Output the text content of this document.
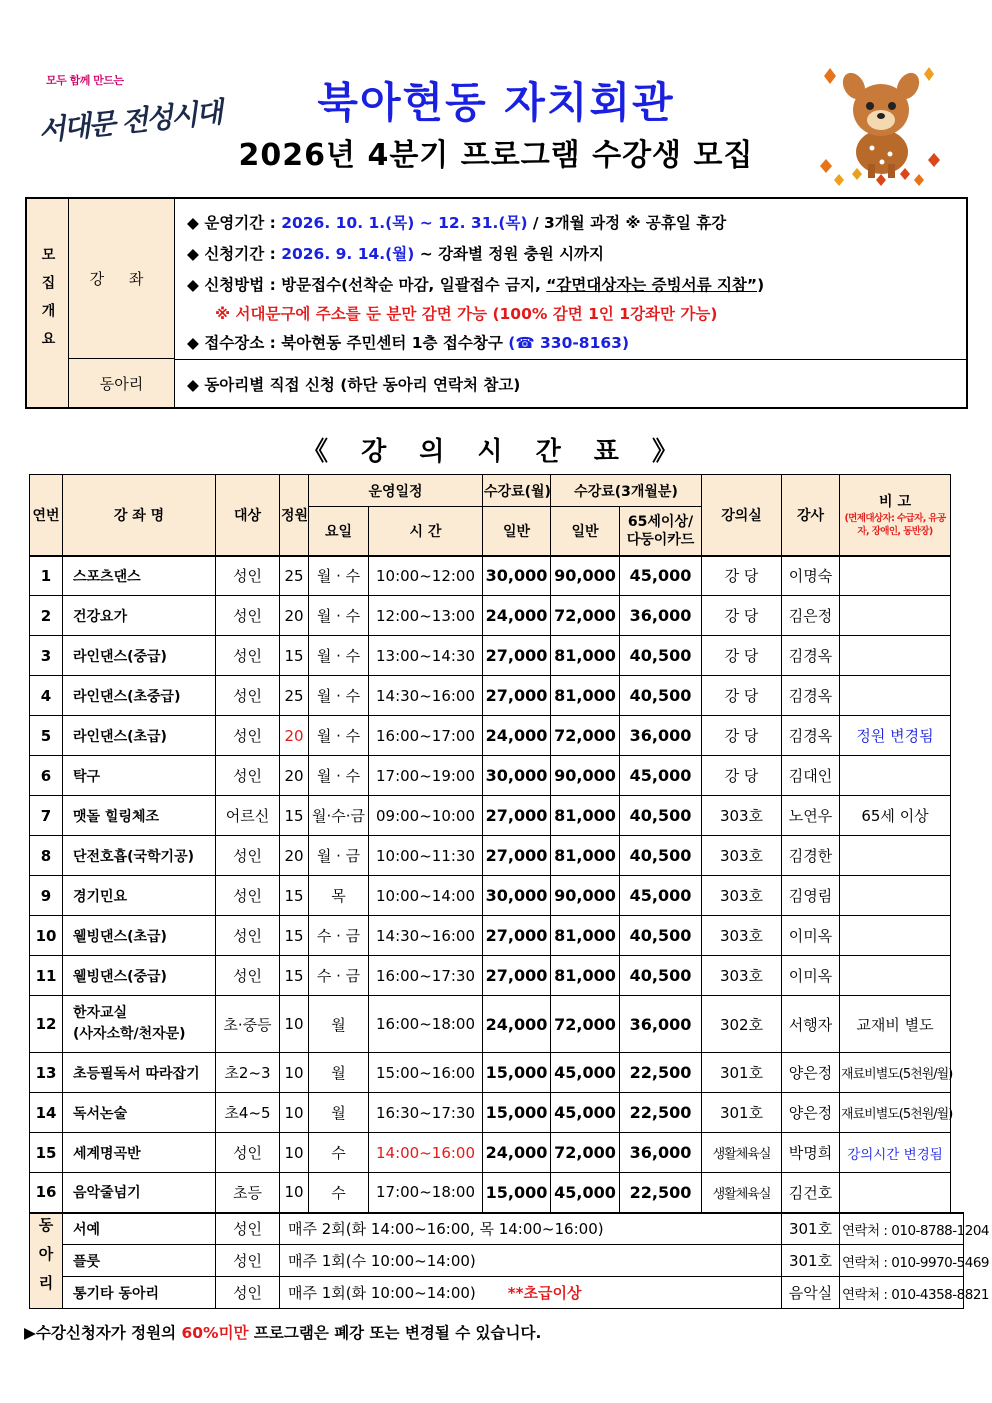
모두 함께 만드는
서대문 전성시대	북아현동 자치회관
2026년 4분기 프로그램 수강생 모집
모집개요	강 좌
동아리
◆ 운영기간 : 2026. 10. 1.(목) ~ 12. 31.(목) / 3개월 과정 ※ 공휴일 휴강
◆ 신청기간 : 2026. 9. 14.(월) ~ 강좌별 정원 충원 시까지
◆ 신청방법 : 방문접수(선착순 마감, 일괄접수 금지, “감면대상자는 증빙서류 지참”)
※ 서대문구에 주소를 둔 분만 감면 가능 (100% 감면 1인 1강좌만 가능)
◆ 접수장소 : 북아현동 주민센터 1층 접수창구 (☎ 330-8163)
◆ 동아리별 직접 신청 (하단 동아리 연락처 참고)
《 강 의 시 간 표 》
연번	강 좌 명	대상	정원	운영일정		수강료(월)	수강료(3개월분)		강의실	강사	비 고
(면제대상자: 수급자, 유공자, 장애인, 동반장)

				요일	시 간	일반	일반	65세이상/ 다둥이카드			
1	스포츠댄스	성인	25	월 · 수	10:00~12:00	30,000	90,000	45,000	강 당	이명숙	
2	건강요가	성인	20	월 · 수	12:00~13:00	24,000	72,000	36,000	강 당	김은정	
3	라인댄스(중급)	성인	15	월 · 수	13:00~14:30	27,000	81,000	40,500	강 당	김경옥	
4	라인댄스(초중급)	성인	25	월 · 수	14:30~16:00	27,000	81,000	40,500	강 당	김경옥	
5	라인댄스(초급)	성인	20	월 · 수	16:00~17:00	24,000	72,000	36,000	강 당	김경옥	정원 변경됨
6	탁구	성인	20	월 · 수	17:00~19:00	30,000	90,000	45,000	강 당	김대인	
7	맷돌 힐링체조	어르신	15	월·수·금	09:00~10:00	27,000	81,000	40,500	303호	노연우	65세 이상
8	단전호흡(국학기공)	성인	20	월 · 금	10:00~11:30	27,000	81,000	40,500	303호	김경한	
9	경기민요	성인	15	목	10:00~14:00	30,000	90,000	45,000	303호	김영림	
10	웰빙댄스(초급)	성인	15	수 · 금	14:30~16:00	27,000	81,000	40,500	303호	이미옥	
11	웰빙댄스(중급)	성인	15	수 · 금	16:00~17:30	27,000	81,000	40,500	303호	이미옥	
12	한자교실
(사자소학/천자문)	초·중등	10	월	16:00~18:00	24,000	72,000	36,000	302호	서행자	교재비 별도
13	초등필독서 따라잡기	초2~3	10	월	15:00~16:00	15,000	45,000	22,500	301호	양은정	재료비별도(5천원/월)
14	독서논술	초4~5	10	월	16:30~17:30	15,000	45,000	22,500	301호	양은정	재료비별도(5천원/월)
15	세계명곡반	성인	10	수	14:00~16:00	24,000	72,000	36,000	생활체육실	박명희	강의시간 변경됨
16	음악줄넘기	초등	10	수	17:00~18:00	15,000	45,000	22,500	생활체육실	김건호	
동아리	서예	성인	매주 2회(화 14:00~16:00, 목 14:00~16:00)							301호	연락처 : 010-8788-1204
	플룻	성인	매주 1회(수 10:00~14:00)							301호	연락처 : 010-9970-5469
	통기타 동아리	성인	매주 1회(화 10:00~14:00) **초급이상							음악실	연락처 : 010-4358-8821
▶수강신청자가 정원의 60%미만 프로그램은 폐강 또는 변경될 수 있습니다.
